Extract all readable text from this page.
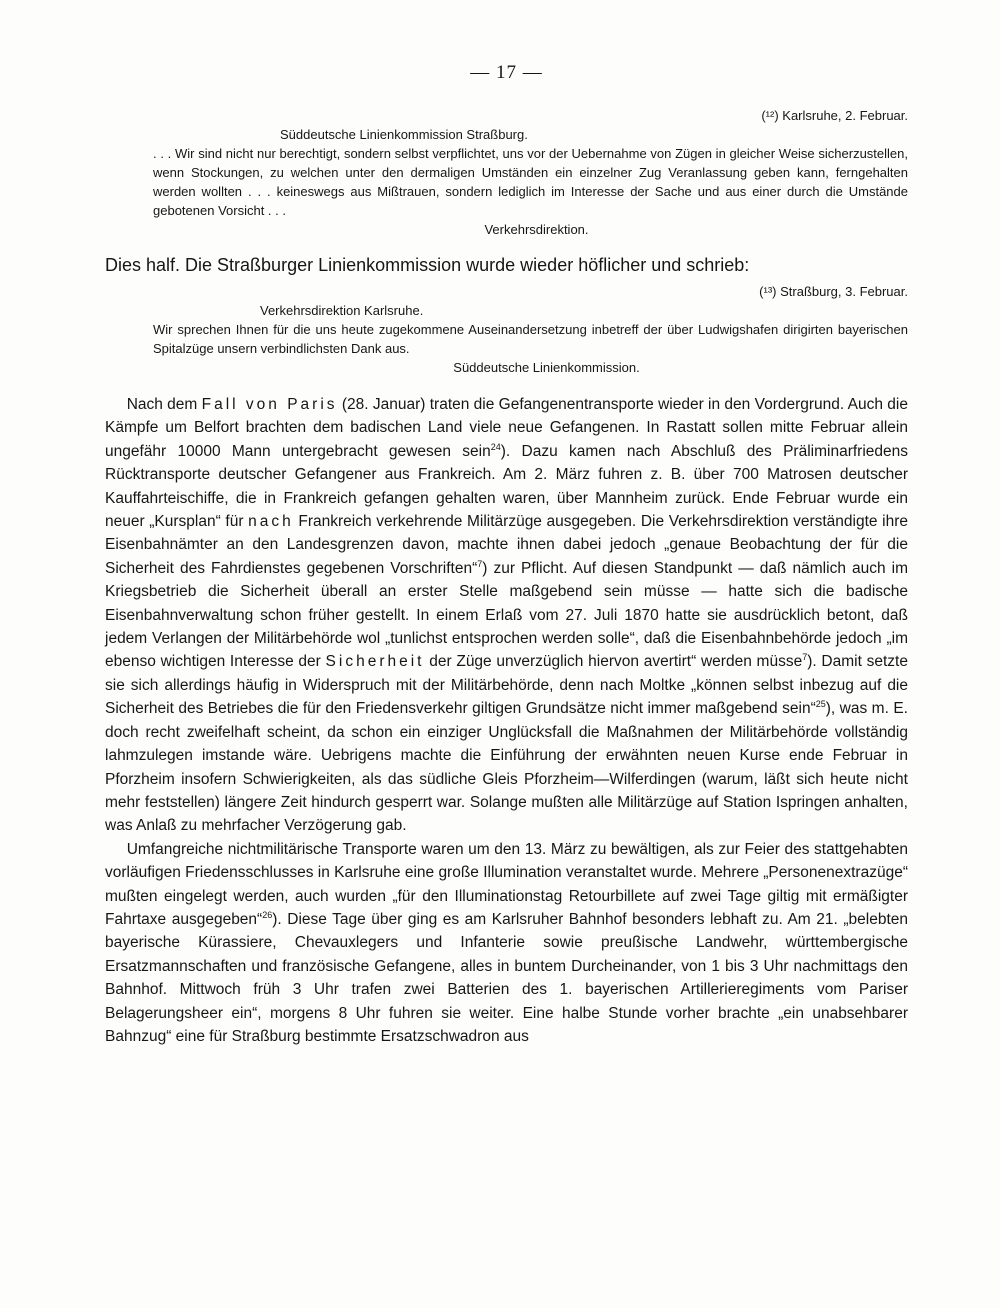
— 17 —
(¹²) Karlsruhe, 2. Februar.
Süddeutsche Linienkommission Straßburg.
. . . Wir sind nicht nur berechtigt, sondern selbst verpflichtet, uns vor der Uebernahme von Zügen in gleicher Weise sicherzustellen, wenn Stockungen, zu welchen unter den dermaligen Umständen ein einzelner Zug Veranlassung geben kann, ferngehalten werden wollten . . . keineswegs aus Mißtrauen, sondern lediglich im Interesse der Sache und aus einer durch die Umstände gebotenen Vorsicht . . .
Verkehrsdirektion.
Dies half. Die Straßburger Linienkommission wurde wieder höflicher und schrieb:
(¹³) Straßburg, 3. Februar.
Verkehrsdirektion Karlsruhe.
Wir sprechen Ihnen für die uns heute zugekommene Auseinandersetzung inbetreff der über Ludwigshafen dirigirten bayerischen Spitalzüge unsern verbindlichsten Dank aus.
Süddeutsche Linienkommission.

Nach dem Fall von Paris (28. Januar) traten die Gefangenentransporte wieder in den Vordergrund. Auch die Kämpfe um Belfort brachten dem badischen Land viele neue Gefangenen. In Rastatt sollen mitte Februar allein ungefähr 10000 Mann untergebracht gewesen sein$^{24}$). Dazu kamen nach Abschluß des Präliminarfriedens Rücktransporte deutscher Gefangener aus Frankreich. Am 2. März fuhren z. B. über 700 Matrosen deutscher Kauffahrteischiffe, die in Frankreich gefangen gehalten waren, über Mannheim zurück. Ende Februar wurde ein neuer „Kursplan“ für nach Frankreich verkehrende Militärzüge ausgegeben. Die Verkehrsdirektion verständigte ihre Eisenbahnämter an den Landesgrenzen davon, machte ihnen dabei jedoch „genaue Beobachtung der für die Sicherheit des Fahrdienstes gegebenen Vorschriften“$^7$) zur Pflicht. Auf diesen Standpunkt — daß nämlich auch im Kriegsbetrieb die Sicherheit überall an erster Stelle maßgebend sein müsse — hatte sich die badische Eisenbahnverwaltung schon früher gestellt. In einem Erlaß vom 27. Juli 1870 hatte sie ausdrücklich betont, daß jedem Verlangen der Militärbehörde wol „tunlichst entsprochen werden solle“, daß die Eisenbahnbehörde jedoch „im ebenso wichtigen Interesse der Sicherheit der Züge unverzüglich hiervon avertirt“ werden müsse$^7$). Damit setzte sie sich allerdings häufig in Widerspruch mit der Militärbehörde, denn nach Moltke „können selbst inbezug auf die Sicherheit des Betriebes die für den Friedensverkehr giltigen Grundsätze nicht immer maßgebend sein“$^{25}$), was m. E. doch recht zweifelhaft scheint, da schon ein einziger Unglücksfall die Maßnahmen der Militärbehörde vollständig lahmzulegen imstande wäre. Uebrigens machte die Einführung der erwähnten neuen Kurse ende Februar in Pforzheim insofern Schwierigkeiten, als das südliche Gleis Pforzheim—Wilferdingen (warum, läßt sich heute nicht mehr feststellen) längere Zeit hindurch gesperrt war. Solange mußten alle Militärzüge auf Station Ispringen anhalten, was Anlaß zu mehrfacher Verzögerung gab.

Umfangreiche nichtmilitärische Transporte waren um den 13. März zu bewältigen, als zur Feier des stattgehabten vorläufigen Friedensschlusses in Karlsruhe eine große Illumination veranstaltet wurde. Mehrere „Personenextrazüge“ mußten eingelegt werden, auch wurden „für den Illuminationstag Retourbillete auf zwei Tage giltig mit ermäßigter Fahrtaxe ausgegeben“$^{26}$). Diese Tage über ging es am Karlsruher Bahnhof besonders lebhaft zu. Am 21. „belebten bayerische Kürassiere, Chevauxlegers und Infanterie sowie preußische Landwehr, württembergische Ersatzmannschaften und französische Gefangene, alles in buntem Durcheinander, von 1 bis 3 Uhr nachmittags den Bahnhof. Mittwoch früh 3 Uhr trafen zwei Batterien des 1. bayerischen Artillerieregiments vom Pariser Belagerungsheer ein“, morgens 8 Uhr fuhren sie weiter. Eine halbe Stunde vorher brachte „ein unabsehbarer Bahnzug“ eine für Straßburg bestimmte Ersatzschwadron aus
